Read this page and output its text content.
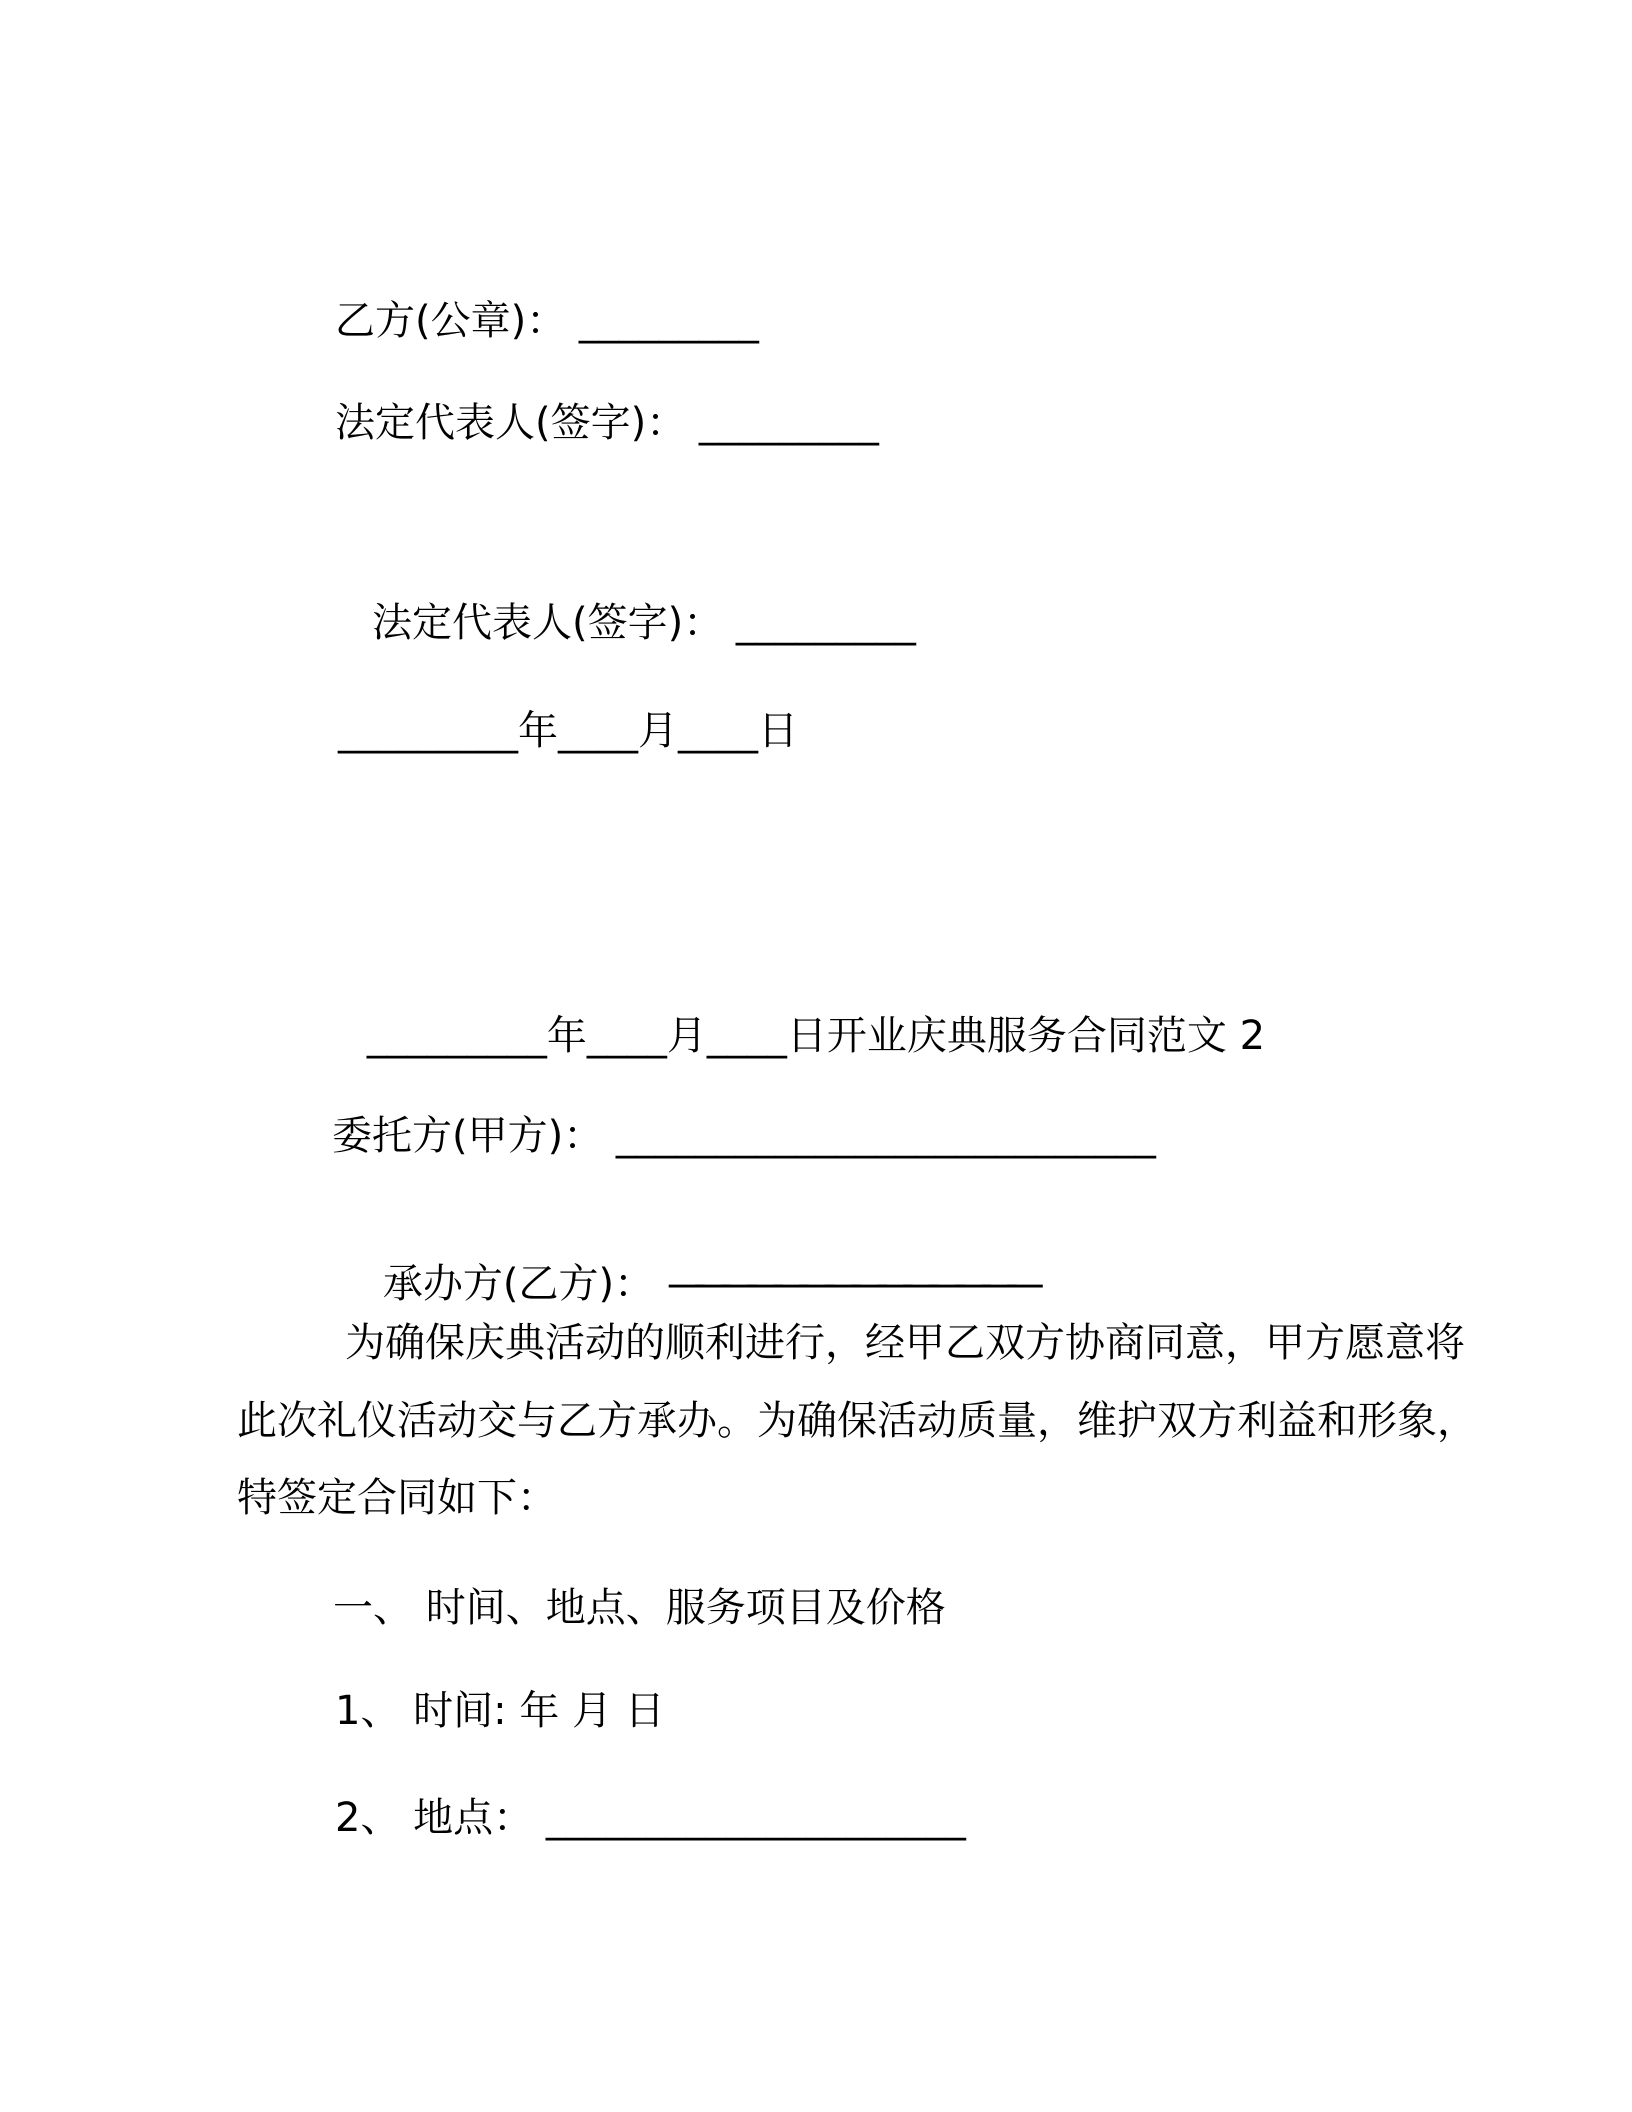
乙方(公章)： _________
法定代表人(签字)： _________
法定代表人(签字)： _________
_________年____月____日
_________年____月____日开业庆典服务合同范文 2
委托方(甲方)： ___________________________

承办方(乙方)： ——————————————

为确保庆典活动的顺利进行，经甲乙双方协商同意，甲方愿意将
此次礼仪活动交与乙方承办。为确保活动质量，维护双方利益和形象，
特签定合同如下：
一、 时间、地点、服务项目及价格
1、 时间: 年 月 日
2、 地点： _____________________
